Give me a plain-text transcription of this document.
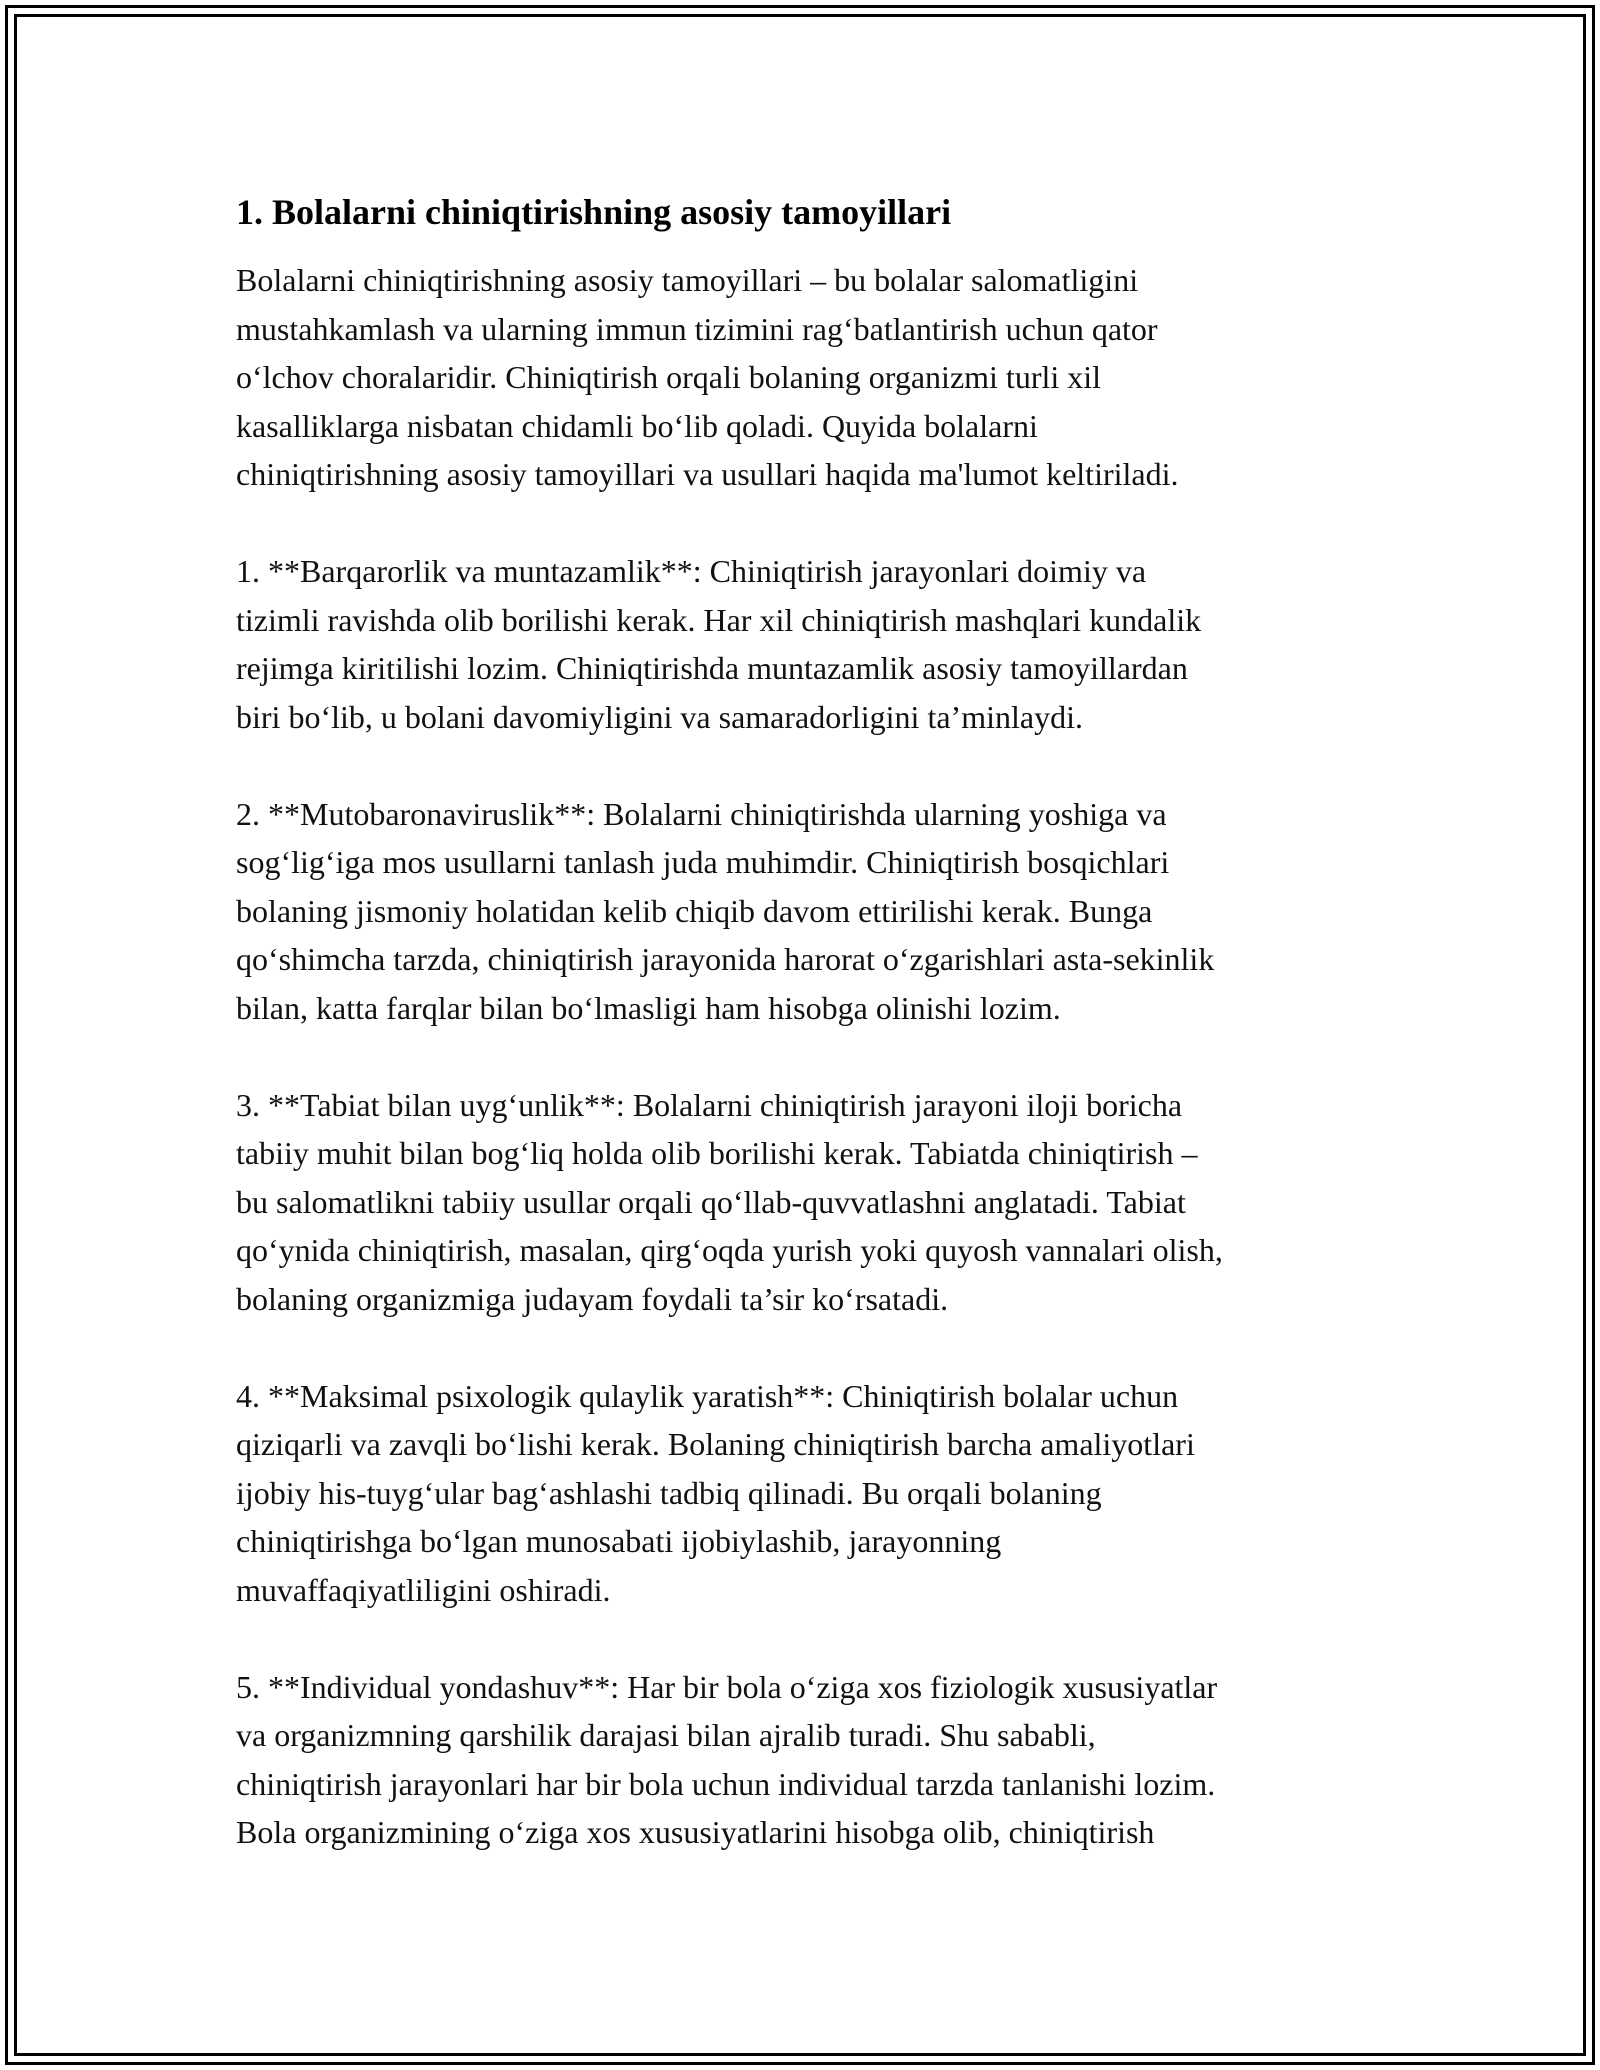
1. Bolalarni chiniqtirishning asosiy tamoyillari

Bolalarni chiniqtirishning asosiy tamoyillari – bu bolalar salomatligini
mustahkamlash va ularning immun tizimini rag‘batlantirish uchun qator
o‘lchov choralaridir. Chiniqtirish orqali bolaning organizmi turli xil
kasalliklarga nisbatan chidamli bo‘lib qoladi. Quyida bolalarni
chiniqtirishning asosiy tamoyillari va usullari haqida ma'lumot keltiriladi.

1. **Barqarorlik va muntazamlik**: Chiniqtirish jarayonlari doimiy va
tizimli ravishda olib borilishi kerak. Har xil chiniqtirish mashqlari kundalik
rejimga kiritilishi lozim. Chiniqtirishda muntazamlik asosiy tamoyillardan
biri bo‘lib, u bolani davomiyligini va samaradorligini ta’minlaydi.

2. **Mutobaronaviruslik**: Bolalarni chiniqtirishda ularning yoshiga va
sog‘lig‘iga mos usullarni tanlash juda muhimdir. Chiniqtirish bosqichlari
bolaning jismoniy holatidan kelib chiqib davom ettirilishi kerak. Bunga
qo‘shimcha tarzda, chiniqtirish jarayonida harorat o‘zgarishlari asta-sekinlik
bilan, katta farqlar bilan bo‘lmasligi ham hisobga olinishi lozim.

3. **Tabiat bilan uyg‘unlik**: Bolalarni chiniqtirish jarayoni iloji boricha
tabiiy muhit bilan bog‘liq holda olib borilishi kerak. Tabiatda chiniqtirish –
bu salomatlikni tabiiy usullar orqali qo‘llab-quvvatlashni anglatadi. Tabiat
qo‘ynida chiniqtirish, masalan, qirg‘oqda yurish yoki quyosh vannalari olish,
bolaning organizmiga judayam foydali ta’sir ko‘rsatadi.

4. **Maksimal psixologik qulaylik yaratish**: Chiniqtirish bolalar uchun
qiziqarli va zavqli bo‘lishi kerak. Bolaning chiniqtirish barcha amaliyotlari
ijobiy his-tuyg‘ular bag‘ashlashi tadbiq qilinadi. Bu orqali bolaning
chiniqtirishga bo‘lgan munosabati ijobiylashib, jarayonning
muvaffaqiyatliligini oshiradi.

5. **Individual yondashuv**: Har bir bola o‘ziga xos fiziologik xususiyatlar
va organizmning qarshilik darajasi bilan ajralib turadi. Shu sababli,
chiniqtirish jarayonlari har bir bola uchun individual tarzda tanlanishi lozim.
Bola organizmining o‘ziga xos xususiyatlarini hisobga olib, chiniqtirish
